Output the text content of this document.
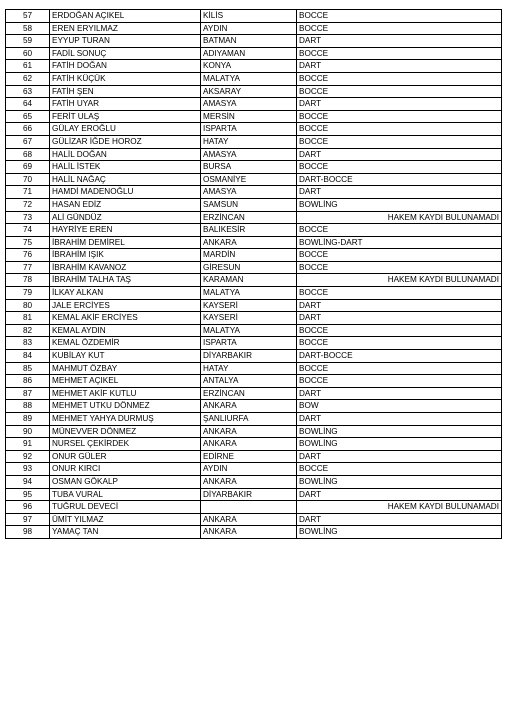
57	ERDOĞAN AÇIKEL	KİLİS	BOCCE
58	EREN ERYILMAZ	AYDIN	BOCCE
59	EYYUP TURAN	BATMAN	DART
60	FADİL SONUÇ	ADIYAMAN	BOCCE
61	FATİH DOĞAN	KONYA	DART
62	FATİH KÜÇÜK	MALATYA	BOCCE
63	FATİH ŞEN	AKSARAY	BOCCE
64	FATİH UYAR	AMASYA	DART
65	FERİT ULAŞ	MERSİN	BOCCE
66	GÜLAY EROĞLU	ISPARTA	BOCCE
67	GÜLİZAR İĞDE HOROZ	HATAY	BOCCE
68	HALİL DOĞAN	AMASYA	DART
69	HALİL İSTEK	BURSA	BOCCE
70	HALİL NAĞAÇ	OSMANİYE	DART-BOCCE
71	HAMDİ MADENOĞLU	AMASYA	DART
72	HASAN EDİZ	SAMSUN	BOWLİNG
73	ALİ GÜNDÜZ	ERZİNCAN	HAKEM KAYDI BULUNAMADI
74	HAYRİYE EREN	BALIKESİR	BOCCE
75	İBRAHİM DEMİREL	ANKARA	BOWLİNG-DART
76	İBRAHİM IŞIK	MARDİN	BOCCE
77	İBRAHİM KAVANOZ	GİRESUN	BOCCE
78	İBRAHİM TALHA TAŞ	KARAMAN	HAKEM KAYDI BULUNAMADI
79	İLKAY ALKAN	MALATYA	BOCCE
80	JALE ERCİYES	KAYSERİ	DART
81	KEMAL AKİF ERCİYES	KAYSERİ	DART
82	KEMAL AYDIN	MALATYA	BOCCE
83	KEMAL ÖZDEMİR	ISPARTA	BOCCE
84	KUBİLAY KUT	DİYARBAKIR	DART-BOCCE
85	MAHMUT ÖZBAY	HATAY	BOCCE
86	MEHMET AÇIKEL	ANTALYA	BOCCE
87	MEHMET AKİF KUTLU	ERZİNCAN	DART
88	MEHMET UTKU DÖNMEZ	ANKARA	BOW
89	MEHMET YAHYA DURMUŞ	ŞANLIURFA	DART
90	MÜNEVVER DÖNMEZ	ANKARA	BOWLİNG
91	NURSEL ÇEKİRDEK	ANKARA	BOWLİNG
92	ONUR GÜLER	EDİRNE	DART
93	ONUR KIRCI	AYDIN	BOCCE
94	OSMAN GÖKALP	ANKARA	BOWLİNG
95	TUBA VURAL	DİYARBAKIR	DART
96	TUĞRUL DEVECİ		HAKEM KAYDI BULUNAMADI
97	ÜMİT YILMAZ	ANKARA	DART
98	YAMAÇ TAN	ANKARA	BOWLİNG
